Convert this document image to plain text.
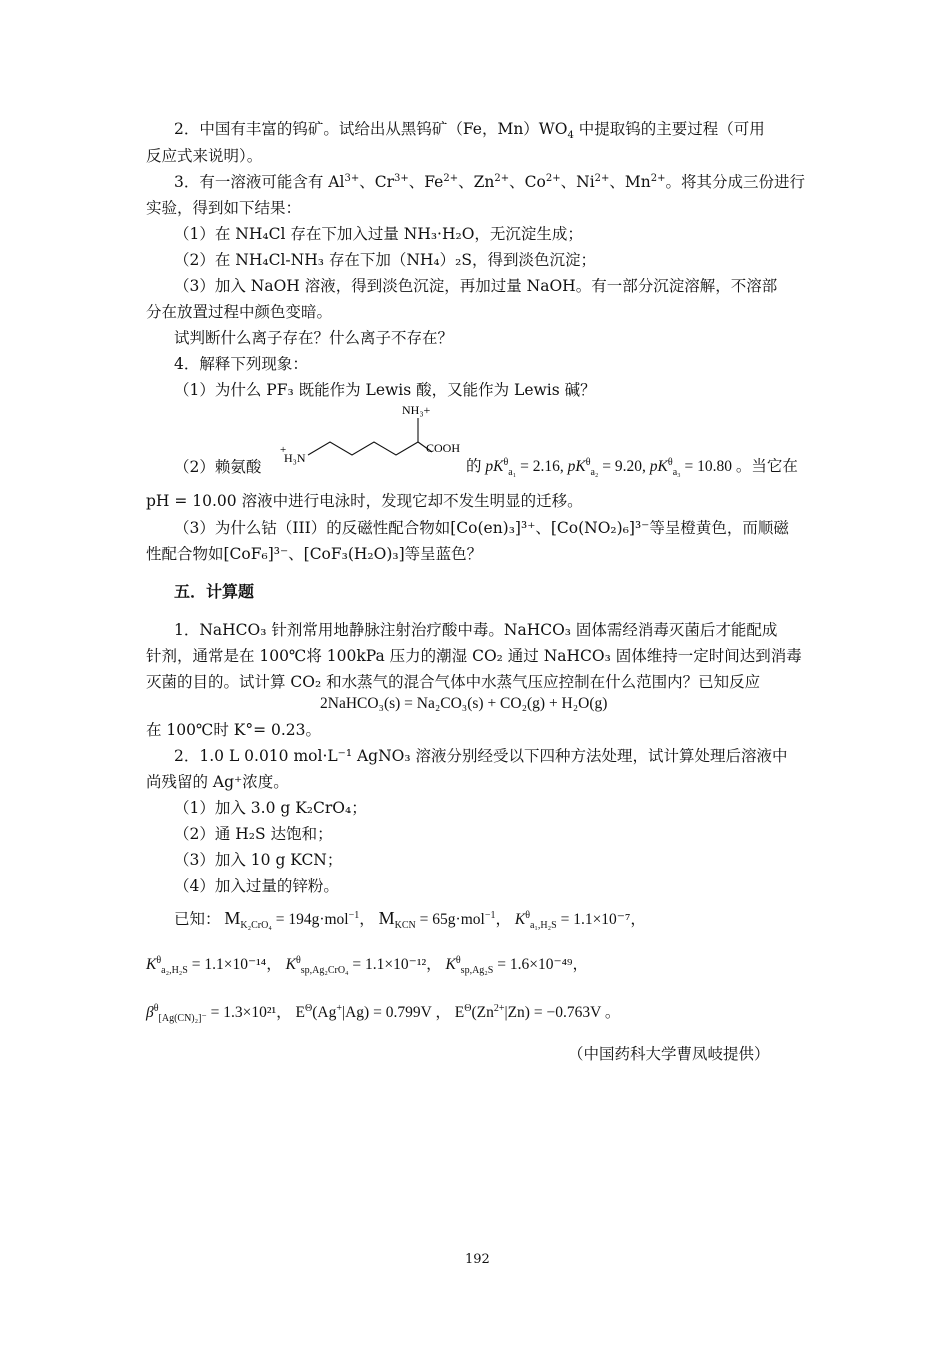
2．中国有丰富的钨矿。试给出从黑钨矿（Fe，$Mn)WO_4$ 中提取钨的主要过程（可用
反应式来说明）。
3．有一溶液可能含有 $Al^{3+}$、$Cr^{3+}$、$Fe^{2+}$、$Zn^{2+}$、$Co^{2+}$、$Ni^{2+}$、$Mn^{2+}$。将其分成三份进行
实验，得到如下结果：
（1）在 NH₄Cl 存在下加入过量 NH₃·H₂O，无沉淀生成；
（2）在 NH₄Cl-NH₃ 存在下加（NH₄）₂S，得到淡色沉淀；
（3）加入 NaOH 溶液，得到淡色沉淀，再加过量 NaOH。有一部分沉淀溶解，不溶部
分在放置过程中颜色变暗。
试判断什么离子存在？什么离子不存在？
4．解释下列现象：
（1）为什么 PF₃ 既能作为 Lewis 酸，又能作为 Lewis 碱？
NH₃+
H₃N
+	COOH
（2）赖氨酸	的 $pK^\theta_{a_1} = 2.16$, $pK^\theta_{a_2} = 9.20$, $pK^\theta_{a_3} = 10.80$ 。当它在
pH = 10.00 溶液中进行电泳时，发现它却不发生明显的迁移。
（3）为什么钴（III）的反磁性配合物如[Co(en)₃]³⁺、[Co(NO₂)₆]³⁻等呈橙黄色，而顺磁
性配合物如[CoF₆]³⁻、[CoF₃(H₂O)₃]等呈蓝色？
五．计算题
1．NaHCO₃ 针剂常用地静脉注射治疗酸中毒。NaHCO₃ 固体需经消毒灭菌后才能配成
针剂，通常是在 100℃将 100kPa 压力的潮湿 CO₂ 通过 NaHCO₃ 固体维持一定时间达到消毒
灭菌的目的。试计算 CO₂ 和水蒸气的混合气体中水蒸气压应控制在什么范围内？已知反应
2NaHCO₃(s) = Na₂CO₃(s) + CO₂(g) + H₂O(g)
在 100℃时 K°= 0.23。
2．1.0 L 0.010 mol·L⁻¹ AgNO₃ 溶液分别经受以下四种方法处理，试计算处理后溶液中
尚残留的 Ag⁺浓度。
（1）加入 3.0 g K₂CrO₄；
（2）通 H₂S 达饱和；
（3）加入 10 g KCN；
（4）加入过量的锌粉。
已知： $M_{K_2CrO_4} = 194g\cdot mol^{-1}$， $M_{KCN} = 65g\cdot mol^{-1}$， $K^\theta_{a_1,H_2S} = 1.1\times 10^{-7}$，
$K^\theta_{a_2,H_2S} = 1.1\times 10^{-14}$， $K^\theta_{sp,Ag_2CrO_4} = 1.1\times 10^{-12}$， $K^\theta_{sp,Ag_2S} = 1.6\times 10^{-49}$，
$\beta^\theta_{[Ag(CN)_2]^-} = 1.3\times 10^{21}$， $E^\Theta(Ag^+|Ag) = 0.799V$ ， $E^\Theta(Zn^{2+}|Zn) = -0.763V$ 。
（中国药科大学曹凤岐提供）
192
